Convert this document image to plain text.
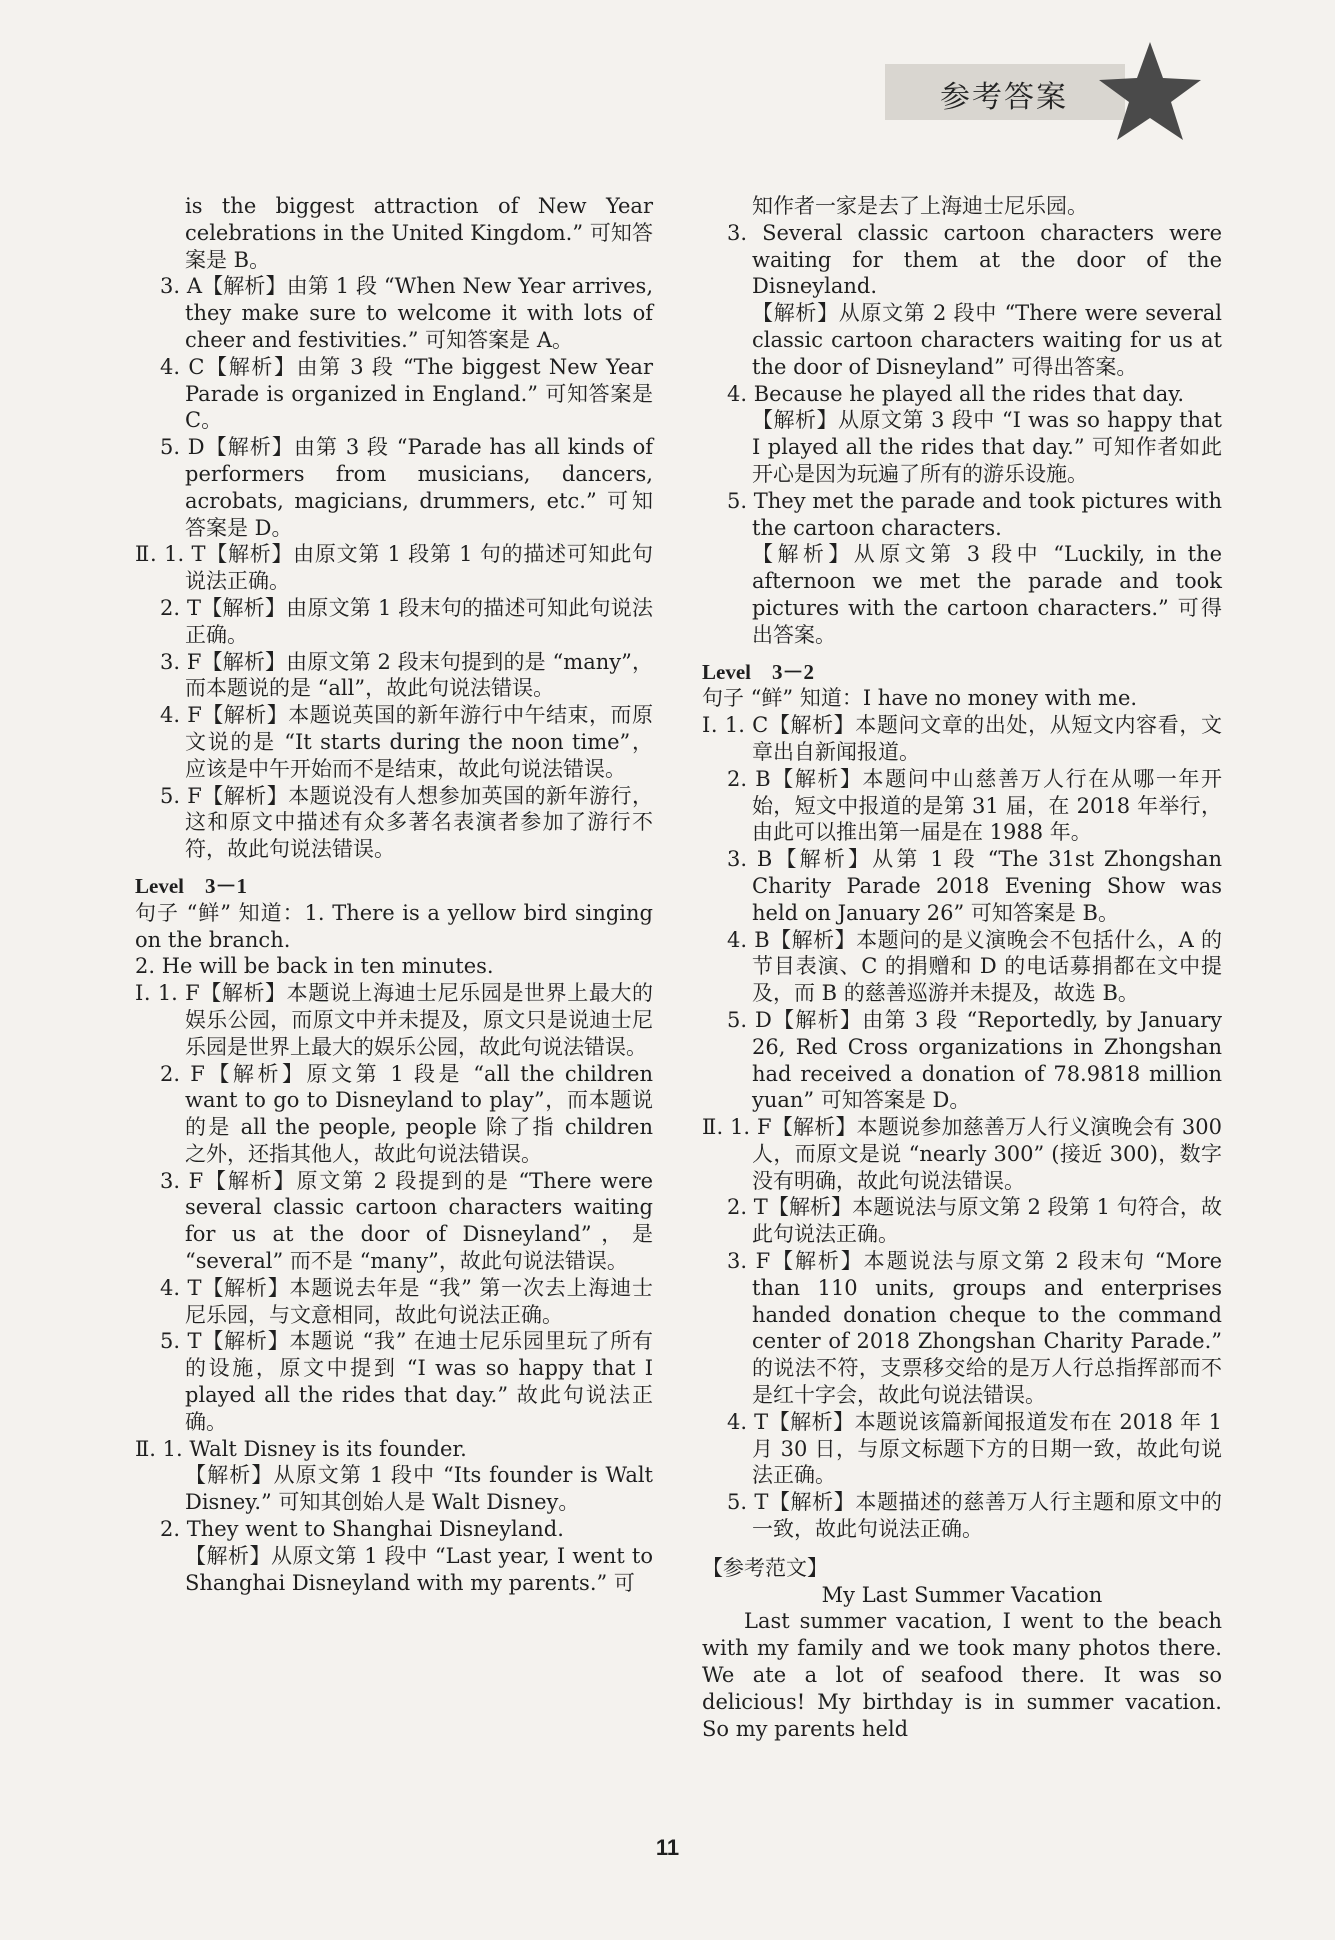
参考答案

is the biggest attraction of New Year celebrations in the United Kingdom.” 可知答案是 B。

3. A【解析】由第 1 段 “When New Year arrives, they make sure to welcome it with lots of cheer and festivities.” 可知答案是 A。

4. C【解析】由第 3 段 “The biggest New Year Parade is organized in England.” 可知答案是 C。

5. D【解析】由第 3 段 “Parade has all kinds of performers from musicians, dancers, acrobats, magicians, drummers, etc.” 可知答案是 D。

Ⅱ. 1. T【解析】由原文第 1 段第 1 句的描述可知此句说法正确。

2. T【解析】由原文第 1 段末句的描述可知此句说法正确。

3. F【解析】由原文第 2 段末句提到的是 “many”，而本题说的是 “all”，故此句说法错误。

4. F【解析】本题说英国的新年游行中午结束，而原文说的是 “It starts during the noon time”，应该是中午开始而不是结束，故此句说法错误。

5. F【解析】本题说没有人想参加英国的新年游行，这和原文中描述有众多著名表演者参加了游行不符，故此句说法错误。

Level　3－1

句子 “鲜” 知道：1. There is a yellow bird singing on the branch.

2. He will be back in ten minutes.

Ⅰ. 1. F【解析】本题说上海迪士尼乐园是世界上最大的娱乐公园，而原文中并未提及，原文只是说迪士尼乐园是世界上最大的娱乐公园，故此句说法错误。

2. F【解析】原文第 1 段是 “all the children want to go to Disneyland to play”，而本题说的是 all the people, people 除了指 children 之外，还指其他人，故此句说法错误。

3. F【解析】原文第 2 段提到的是 “There were several classic cartoon characters waiting for us at the door of Disneyland”，是 “several” 而不是 “many”，故此句说法错误。

4. T【解析】本题说去年是 “我” 第一次去上海迪士尼乐园，与文意相同，故此句说法正确。

5. T【解析】本题说 “我” 在迪士尼乐园里玩了所有的设施，原文中提到 “I was so happy that I played all the rides that day.” 故此句说法正确。

Ⅱ. 1. Walt Disney is its founder.

【解析】从原文第 1 段中 “Its founder is Walt Disney.” 可知其创始人是 Walt Disney。

2. They went to Shanghai Disneyland.

【解析】从原文第 1 段中 “Last year, I went to Shanghai Disneyland with my parents.” 可

知作者一家是去了上海迪士尼乐园。

3. Several classic cartoon characters were waiting for them at the door of the Disneyland.

【解析】从原文第 2 段中 “There were several classic cartoon characters waiting for us at the door of Disneyland” 可得出答案。

4. Because he played all the rides that day.

【解析】从原文第 3 段中 “I was so happy that I played all the rides that day.” 可知作者如此开心是因为玩遍了所有的游乐设施。

5. They met the parade and took pictures with the cartoon characters.

【解析】从原文第 3 段中 “Luckily, in the afternoon we met the parade and took pictures with the cartoon characters.” 可得出答案。

Level　3－2

句子 “鲜” 知道：I have no money with me.

Ⅰ. 1. C【解析】本题问文章的出处，从短文内容看，文章出自新闻报道。

2. B【解析】本题问中山慈善万人行在从哪一年开始，短文中报道的是第 31 届，在 2018 年举行，由此可以推出第一届是在 1988 年。

3. B【解析】从第 1 段 “The 31st Zhongshan Charity Parade 2018 Evening Show was held on January 26” 可知答案是 B。

4. B【解析】本题问的是义演晚会不包括什么，A 的节目表演、C 的捐赠和 D 的电话募捐都在文中提及，而 B 的慈善巡游并未提及，故选 B。

5. D【解析】由第 3 段 “Reportedly, by January 26, Red Cross organizations in Zhongshan had received a donation of 78.9818 million yuan” 可知答案是 D。

Ⅱ. 1. F【解析】本题说参加慈善万人行义演晚会有 300 人，而原文是说 “nearly 300” (接近 300)，数字没有明确，故此句说法错误。

2. T【解析】本题说法与原文第 2 段第 1 句符合，故此句说法正确。

3. F【解析】本题说法与原文第 2 段末句 “More than 110 units, groups and enterprises handed donation cheque to the command center of 2018 Zhongshan Charity Parade.” 的说法不符，支票移交给的是万人行总指挥部而不是红十字会，故此句说法错误。

4. T【解析】本题说该篇新闻报道发布在 2018 年 1 月 30 日，与原文标题下方的日期一致，故此句说法正确。

5. T【解析】本题描述的慈善万人行主题和原文中的一致，故此句说法正确。

【参考范文】

My Last Summer Vacation

Last summer vacation, I went to the beach with my family and we took many photos there. We ate a lot of seafood there. It was so delicious! My birthday is in summer vacation. So my parents held

11
